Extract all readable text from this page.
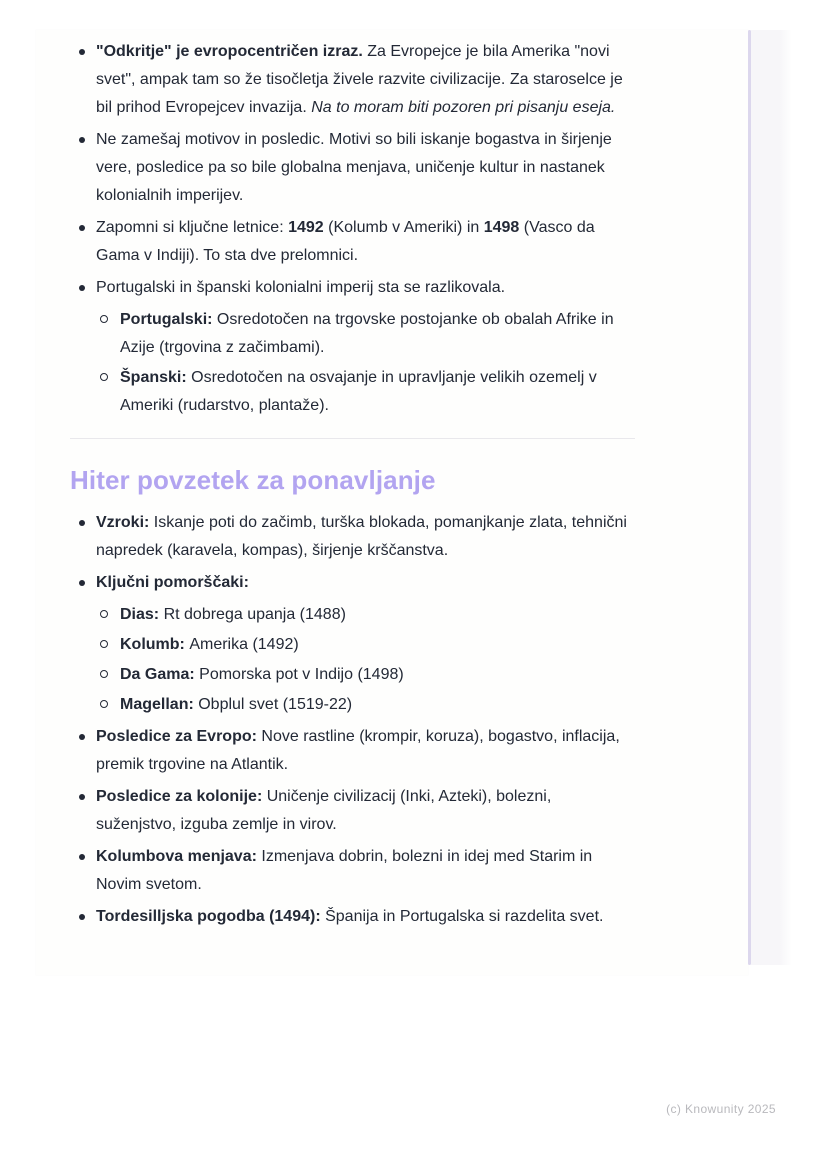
"Odkritje" je evropocentričen izraz. Za Evropejce je bila Amerika "novi svet", ampak tam so že tisočletja živele razvite civilizacije. Za staroselce je bil prihod Evropejcev invazija. Na to moram biti pozoren pri pisanju eseja.
Ne zamešaj motivov in posledic. Motivi so bili iskanje bogastva in širjenje vere, posledice pa so bile globalna menjava, uničenje kultur in nastanek kolonialnih imperijev.
Zapomni si ključne letnice: 1492 (Kolumb v Ameriki) in 1498 (Vasco da Gama v Indiji). To sta dve prelomnici.
Portugalski in španski kolonialni imperij sta se razlikovala.
Portugalski: Osredotočen na trgovske postojanke ob obalah Afrike in Azije (trgovina z začimbami).
Španski: Osredotočen na osvajanje in upravljanje velikih ozemelj v Ameriki (rudarstvo, plantaže).
Hiter povzetek za ponavljanje
Vzroki: Iskanje poti do začimb, turška blokada, pomanjkanje zlata, tehnični napredek (karavela, kompas), širjenje krščanstva.
Ključni pomorščaki:
Dias: Rt dobrega upanja (1488)
Kolumb: Amerika (1492)
Da Gama: Pomorska pot v Indijo (1498)
Magellan: Obplul svet (1519-22)
Posledice za Evropo: Nove rastline (krompir, koruza), bogastvo, inflacija, premik trgovine na Atlantik.
Posledice za kolonije: Uničenje civilizacij (Inki, Azteki), bolezni, suženjstvo, izguba zemlje in virov.
Kolumbova menjava: Izmenjava dobrin, bolezni in idej med Starim in Novim svetom.
Tordesilljska pogodba (1494): Španija in Portugalska si razdelita svet.
(c) Knowunity 2025
